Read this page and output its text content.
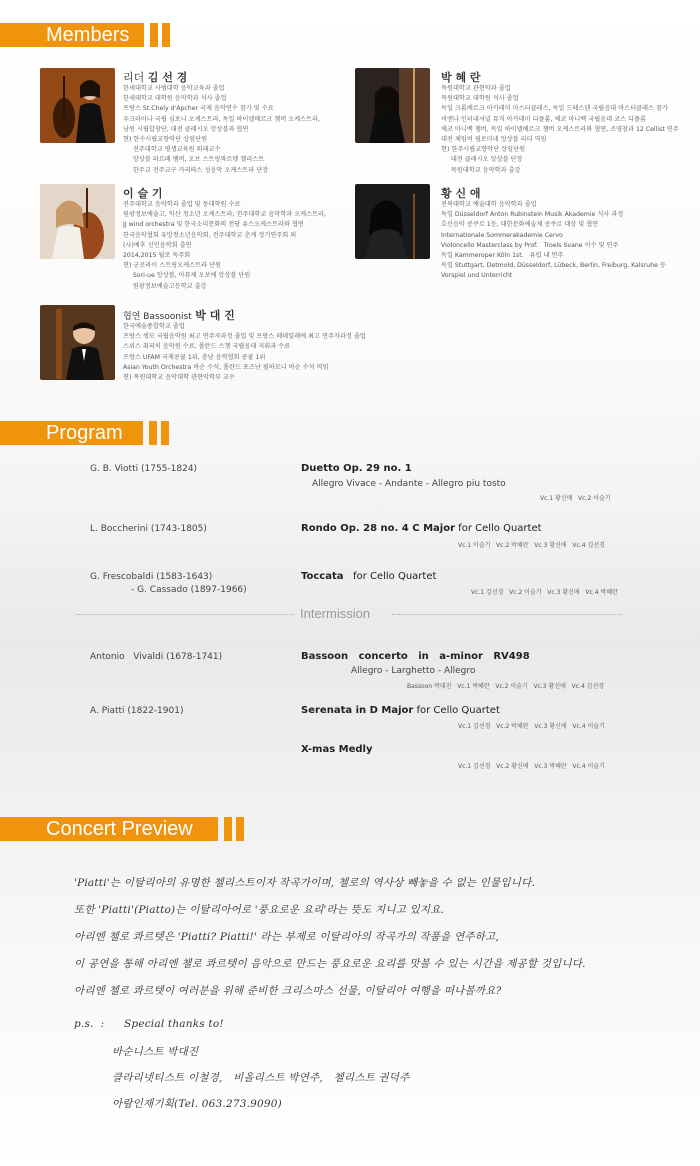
Members
리더 김 선 경
한세대학교 사범대학 음악교육과 졸업
한세대학교 대학원 음악학과 석사 졸업
프랑스 St.Chely d'Apcher 국제 음악연수 참가 및 수료
우크라이나 국립 심포니 오케스트라, 독일 하이델베르크 챔버 오케스트라,
남원 시립합창단, 대전 클래시오 앙상블과 협연
현) 한수시립교향악단 상임단원
전주대학교 평생교육원 외래교수
앙상블 파르페 멤버, 오브 스트링콰르텟 첼리스트
한주교 전주교구 카리따스 성음악 오케스트라 단장
박 혜 란
목원대학교 관현악과 졸업
목원대학교 대학원 석사 졸업
독일 크롬베르크 아카데미 마스터클래스, 독일 드레스덴 국립음대 마스터클래스 참가
비엔나 인터내셔널 뮤직 아카데미 디플롬, 체코 마니백 국립음대 코스 디플롬
체코 마니백 챔버, 독일 하이델베르크 챔버 오케스트라와 협연, 조영창과 12 Cellist 연주
대전 체임버 필로미네 앙상블 리더 역임
현) 한주시립교향악단 상임단원
대전 클래시오 앙상블 단장
목원대학교 음악학과 출강
이 슬 기
전주대학교 음악학과 졸업 및 동대학원 수료
원광정보예술고, 익산 청소년 오케스트라, 전주대학교 음악학과 오케스트라,
JJ wind orchestra 및 한국소리문화의 전당 유스오케스트라와 협연
한국음악협회 유망청소년음악회, 전주대학교 춘계 정기연주회 외
(사)예후 신인음악회 출연
2014,2015 월로 독주회
현) 군로라이 스트링오케스트라 단원
Sori-ue 앙상블, 아뮤제 오보에 앙상블 단원
원광정보예술고등학교 출강
황 신 애
전북대학교 예술대학 음악학과 졸업
독일 Düsseldorf Anton Rubinstein Musik Akademie 석사 과정
호산음악 콩쿠르 1등, 대한문화예술제 콩쿠르 대상 및 협연
Internationale Sommerakademie Cervo
Violoncello Masterclass by Prof.   Troels Svane 이수 및 연주
독일 Kammeroper Köln 1st.   유럽 내 연주
독일 Stuttgart, Detmold, Düsseldorf, Lübeck, Berlin, Freiburg, Kalsruhe 등
Vorspiel und Unterricht
협연 Bassoonist 박 대 진
한국예술종합학교 졸업
프랑스 셍모 국립음악원 최고 연주자과정 졸업 및 프랑스 레데일레에 최고 연주자과정 졸업
스위스 취리히 음악원 수료, 폴란드 스쳉 국립음대 지휘과 수료
프랑스 UFAM 국제콩쿨 1위, 충남 음악협회 콩쿨 1위
Asian Youth Orchestra 바순 수석, 폴란드 포즈난 필하모니 바순 수석 역임
현) 목원대학교 음악대학 관현악학부 교수
Program
G. B. Viotti (1755-1824)	Duetto Op. 29 no. 1
Allegro Vivace - Andante - Allegro piu tosto
Vc.1 황신애   Vc.2 이슬기
L. Boccherini (1743-1805)	Rondo Op. 28 no. 4 C Major for Cello Quartet
Vc.1 이슬기   Vc.2 박혜란   Vc.3 황신애   Vc.4 김선경
G. Frescobaldi (1583-1643)
- G. Cassado (1897-1966)
Toccata   for Cello Quartet
Vc.1 김선경   Vc.2 이슬기   Vc.3 황신애   Vc.4 박혜란
Intermission
Antonio   Vivaldi (1678-1741)	Bassoon   concerto   in   a-minor   RV498
Allegro - Larghetto - Allegro
Bassoon 박대진   Vc.1 박혜란   Vc.2 이슬기   Vc.3 황신애   Vc.4 김선경
A. Piatti (1822-1901)	Serenata in D Major for Cello Quartet
Vc.1 김선경   Vc.2 박혜란   Vc.3 황신애   Vc.4 이슬기
X-mas Medly
Vc.1 김선경   Vc.2 황신애   Vc.3 박혜란   Vc.4 이슬기
Concert Preview
'Piatti'는 이탈리아의 유명한 첼리스트이자 작곡가이며, 첼로의 역사상 빼놓을 수 없는 인물입니다.
또한 'Piatti'(Piatto)는 이탈리아어로 '풍요로운 요리'라는 뜻도 지니고 있지요.
아리엔 첼로 콰르텟은 'Piatti? Piatti!' 라는 부제로 이탈리아의 작곡가의 작품을 연주하고,
이 공연을 통해 아리엔 첼로 콰르텟이 음악으로 만드는 풍요로운 요리를 맛볼 수 있는 시간을 제공할 것입니다.
아리엔 첼로 콰르텟이 여러분을 위해 준비한 크리스마스 선물, 이탈리아 여행을 떠나볼까요?
p.s.  : Special thanks to!
바순니스트 박대진
클라리넷티스트 이철경,   비올리스트 박연주,   첼리스트 권덕주
아람인재기획(Tel. 063.273.9090)
